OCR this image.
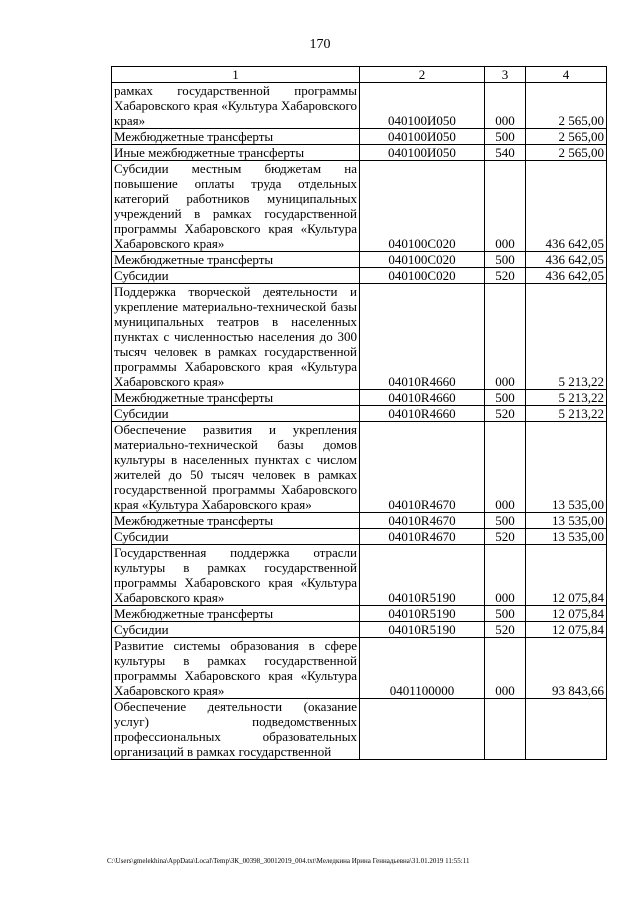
170
1	2	3	4
рамках государственной программы Хабаровского края «Культура Хабаровского края»	040100И050	000	2 565,00
Межбюджетные трансферты	040100И050	500	2 565,00
Иные межбюджетные трансферты	040100И050	540	2 565,00
Субсидии местным бюджетам на повышение оплаты труда отдельных категорий работников муниципальных учреждений в рамках государственной программы Хабаровского края «Культура Хабаровского края»	040100С020	000	436 642,05
Межбюджетные трансферты	040100С020	500	436 642,05
Субсидии	040100С020	520	436 642,05
Поддержка творческой деятельности и укрепление материально-технической базы муниципальных театров в населенных пунктах с численностью населения до 300 тысяч человек в рамках государственной программы Хабаровского края «Культура Хабаровского края»	04010R4660	000	5 213,22
Межбюджетные трансферты	04010R4660	500	5 213,22
Субсидии	04010R4660	520	5 213,22
Обеспечение развития и укрепления материально-технической базы домов культуры в населенных пунктах с числом жителей до 50 тысяч человек в рамках государственной программы Хабаровского края «Культура Хабаровского края»	04010R4670	000	13 535,00
Межбюджетные трансферты	04010R4670	500	13 535,00
Субсидии	04010R4670	520	13 535,00
Государственная поддержка отрасли культуры в рамках государственной программы Хабаровского края «Культура Хабаровского края»	04010R5190	000	12 075,84
Межбюджетные трансферты	04010R5190	500	12 075,84
Субсидии	04010R5190	520	12 075,84
Развитие системы образования в сфере культуры в рамках государственной программы Хабаровского края «Культура Хабаровского края»	0401100000	000	93 843,66
Обеспечение деятельности (оказание услуг) подведомственных профессиональных образовательных организаций в рамках государственной			
C:\Users\gmelekhina\AppData\Local\Temp\ЗК_00398_30012019_004.txt\Меледкина Ирина Геннадьевна\31.01.2019 11:55:11
